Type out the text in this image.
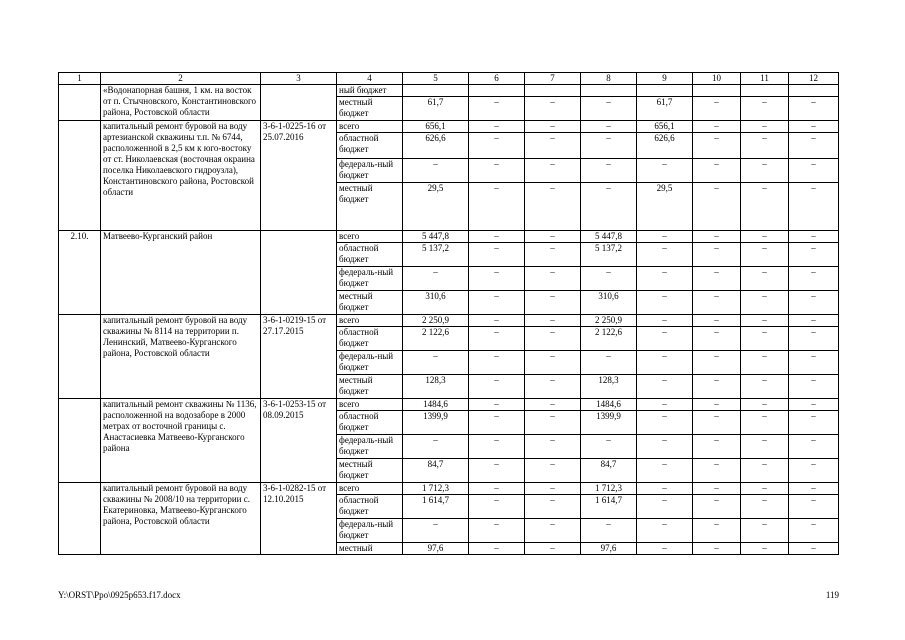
1	2	3	4	5	6	7	8	9	10	11	12
	«Водонапорная башня, 1 км. на восток от п. Стычновского, Константиновского района, Ростовской области		ный бюджет								
			местный бюджет	61,7	–	–	–	61,7	–	–	–
	капитальный ремонт буровой на воду артезианской скважины т.п. № 6744, расположенной в 2,5 км к юго-востоку от ст. Николаевская (восточная окраина поселка Николаевского гидроузла), Константиновского района, Ростовской области	3-6-1-0225-16 от 25.07.2016	всего	656,1	–	–	–	656,1	–	–	–
			областной бюджет	626,6	–	–	–	626,6	–	–	–
			федераль-ный бюджет	–	–	–	–	–	–	–	–
			местный бюджет	29,5	–	–	–	29,5	–	–	–
2.10.	Матвеево-Курганский район		всего	5 447,8	–	–	5 447,8	–	–	–	–
			областной бюджет	5 137,2	–	–	5 137,2	–	–	–	–
			федераль-ный бюджет	–	–	–	–	–	–	–	–
			местный бюджет	310,6	–	–	310,6	–	–	–	–
	капитальный ремонт буровой на воду скважины № 8114 на территории п. Ленинский, Матвеево-Курганского района, Ростовской области	3-6-1-0219-15 от 27.17.2015	всего	2 250,9	–	–	2 250,9	–	–	–	–
			областной бюджет	2 122,6	–	–	2 122,6	–	–	–	–
			федераль-ный бюджет	–	–	–	–	–	–	–	–
			местный бюджет	128,3	–	–	128,3	–	–	–	–
	капитальный ремонт скважины № 1136, расположенной на водозаборе в 2000 метрах от восточной границы с. Анастасиевка Матвеево-Курганского района	3-6-1-0253-15 от 08.09.2015	всего	1484,6	–	–	1484,6	–	–	–	–
			областной бюджет	1399,9	–	–	1399,9	–	–	–	–
			федераль-ный бюджет	–	–	–	–	–	–	–	–
			местный бюджет	84,7	–	–	84,7	–	–	–	–
	капитальный ремонт буровой на воду скважины № 2008/10 на территории с. Екатериновка, Матвеево-Курганского района, Ростовской области	3-6-1-0282-15 от 12.10.2015	всего	1 712,3	–	–	1 712,3	–	–	–	–
			областной бюджет	1 614,7	–	–	1 614,7	–	–	–	–
			федераль-ный бюджет	–	–	–	–	–	–	–	–
			местный	97,6	–	–	97,6	–	–	–	–
Y:\ORST\Ppo\0925p653.f17.docx	119
